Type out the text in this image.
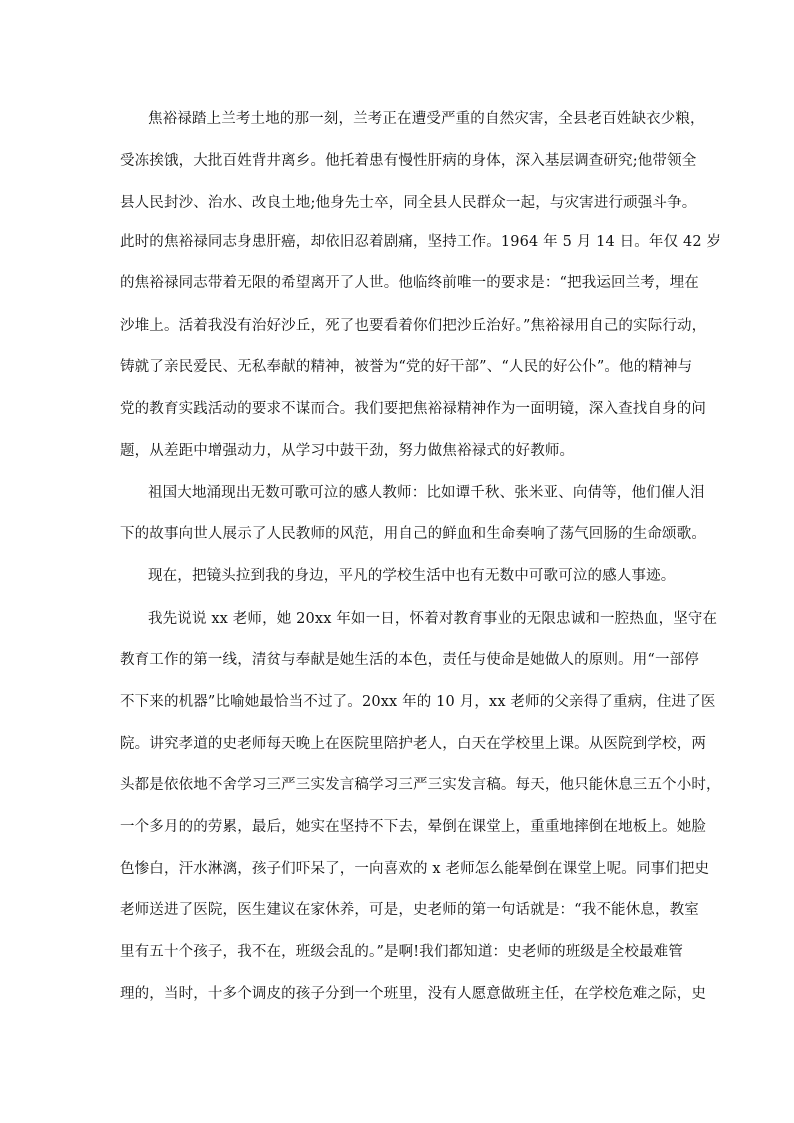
焦裕禄踏上兰考土地的那一刻，兰考正在遭受严重的自然灾害，全县老百姓缺衣少粮，
受冻挨饿，大批百姓背井离乡。他托着患有慢性肝病的身体，深入基层调查研究;他带领全
县人民封沙、治水、改良土地;他身先士卒，同全县人民群众一起，与灾害进行顽强斗争。
此时的焦裕禄同志身患肝癌，却依旧忍着剧痛，坚持工作。1964 年 5 月 14 日。年仅 42 岁
的焦裕禄同志带着无限的希望离开了人世。他临终前唯一的要求是：“把我运回兰考，埋在
沙堆上。活着我没有治好沙丘，死了也要看着你们把沙丘治好。”焦裕禄用自己的实际行动，
铸就了亲民爱民、无私奉献的精神，被誉为“党的好干部”、“人民的好公仆”。他的精神与
党的教育实践活动的要求不谋而合。我们要把焦裕禄精神作为一面明镜，深入查找自身的问
题，从差距中增强动力，从学习中鼓干劲，努力做焦裕禄式的好教师。
祖国大地涌现出无数可歌可泣的感人教师：比如谭千秋、张米亚、向倩等，他们催人泪
下的故事向世人展示了人民教师的风范，用自己的鲜血和生命奏响了荡气回肠的生命颂歌。
现在，把镜头拉到我的身边，平凡的学校生活中也有无数中可歌可泣的感人事迹。
我先说说 xx 老师，她 20xx 年如一日，怀着对教育事业的无限忠诚和一腔热血，坚守在
教育工作的第一线，清贫与奉献是她生活的本色，责任与使命是她做人的原则。用“一部停
不下来的机器”比喻她最恰当不过了。20xx 年的 10 月，xx 老师的父亲得了重病，住进了医
院。讲究孝道的史老师每天晚上在医院里陪护老人，白天在学校里上课。从医院到学校，两
头都是依依地不舍学习三严三实发言稿学习三严三实发言稿。每天，他只能休息三五个小时，
一个多月的的劳累，最后，她实在坚持不下去，晕倒在课堂上，重重地摔倒在地板上。她脸
色惨白，汗水淋漓，孩子们吓呆了，一向喜欢的 x 老师怎么能晕倒在课堂上呢。同事们把史
老师送进了医院，医生建议在家休养，可是，史老师的第一句话就是：“我不能休息，教室
里有五十个孩子，我不在，班级会乱的。”是啊!我们都知道：史老师的班级是全校最难管
理的，当时，十多个调皮的孩子分到一个班里，没有人愿意做班主任，在学校危难之际，史
